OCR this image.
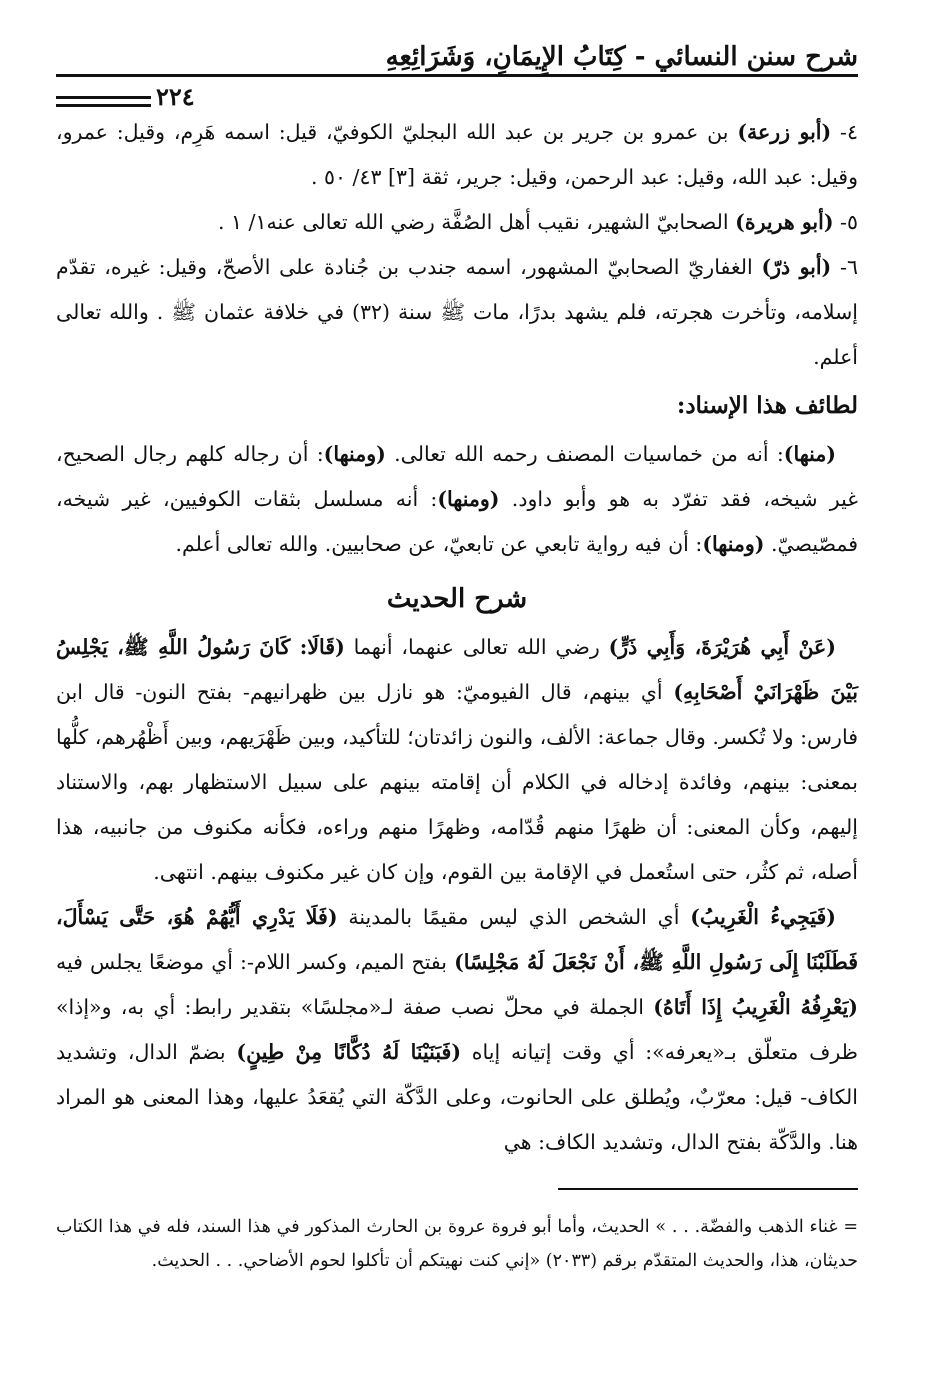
شرح سنن النسائي - كِتَابُ الإِيمَانِ، وَشَرَائِعِهِ
٢٢٤

٤- (أبو زرعة) بن عمرو بن جرير بن عبد الله البجليّ الكوفيّ، قيل: اسمه هَرِم، وقيل: عمرو، وقيل: عبد الله، وقيل: عبد الرحمن، وقيل: جرير، ثقة [٣] ٤٣/ ٥٠ .

٥- (أبو هريرة) الصحابيّ الشهير، نقيب أهل الصُفَّة رضي الله تعالى عنه١/ ١ .

٦- (أبو ذرّ) الغفاريّ الصحابيّ المشهور، اسمه جندب بن جُنادة على الأصحّ، وقيل: غيره، تقدّم إسلامه، وتأخرت هجرته، فلم يشهد بدرًا، مات ﷺ سنة (٣٢) في خلافة عثمان ﷺ . والله تعالى أعلم.

لطائف هذا الإسناد:

(منها): أنه من خماسيات المصنف رحمه الله تعالى. (ومنها): أن رجاله كلهم رجال الصحيح، غير شيخه، فقد تفرّد به هو وأبو داود. (ومنها): أنه مسلسل بثقات الكوفيين، غير شيخه، فمصّيصيّ. (ومنها): أن فيه رواية تابعي عن تابعيّ، عن صحابيين. والله تعالى أعلم.

شرح الحديث

(عَنْ أَبِي هُرَيْرَةَ، وَأَبِي ذَرٍّ) رضي الله تعالى عنهما، أنهما (قَالَا: كَانَ رَسُولُ اللَّهِ ﷺ، يَجْلِسُ بَيْنَ ظَهْرَانَيْ أَصْحَابِهِ) أي بينهم، قال الفيوميّ: هو نازل بين ظهرانيهم- بفتح النون- قال ابن فارس: ولا تُكسر. وقال جماعة: الألف، والنون زائدتان؛ للتأكيد، وبين ظَهْرَيهم، وبين أَظْهُرهم، كلُّها بمعنى: بينهم، وفائدة إدخاله في الكلام أن إقامته بينهم على سبيل الاستظهار بهم، والاستناد إليهم، وكأن المعنى: أن ظهرًا منهم قُدّامه، وظهرًا منهم وراءه، فكأنه مكنوف من جانبيه، هذا أصله، ثم كثُر، حتى استُعمل في الإقامة بين القوم، وإن كان غير مكنوف بينهم. انتهى.

(فَيَجِيءُ الْغَرِيبُ) أي الشخص الذي ليس مقيمًا بالمدينة (فَلَا يَدْرِي أَيُّهُمْ هُوَ، حَتَّى يَسْأَلَ، فَطَلَبْنَا إِلَى رَسُولِ اللَّهِ ﷺ، أَنْ نَجْعَلَ لَهُ مَجْلِسًا) بفتح الميم، وكسر اللام-: أي موضعًا يجلس فيه (يَعْرِفُهُ الْغَرِيبُ إِذَا أَتَاهُ) الجملة في محلّ نصب صفة لـ«مجلسًا» بتقدير رابط: أي به، و«إذا» ظرف متعلّق بـ«يعرفه»: أي وقت إتيانه إياه (فَبَنَيْنَا لَهُ دُكَّانًا مِنْ طِينٍ) بضمّ الدال، وتشديد الكاف- قيل: معرّبٌ، ويُطلق على الحانوت، وعلى الدَّكّة التي يُقعَدُ عليها، وهذا المعنى هو المراد هنا. والدَّكّة بفتح الدال، وتشديد الكاف: هي

= غناء الذهب والفضّة. . . » الحديث، وأما أبو فروة عروة بن الحارث المذكور في هذا السند، فله في هذا الكتاب حديثان، هذا، والحديث المتقدّم برقم (٢٠٣٣) «إني كنت نهيتكم أن تأكلوا لحوم الأضاحي. . . الحديث.
